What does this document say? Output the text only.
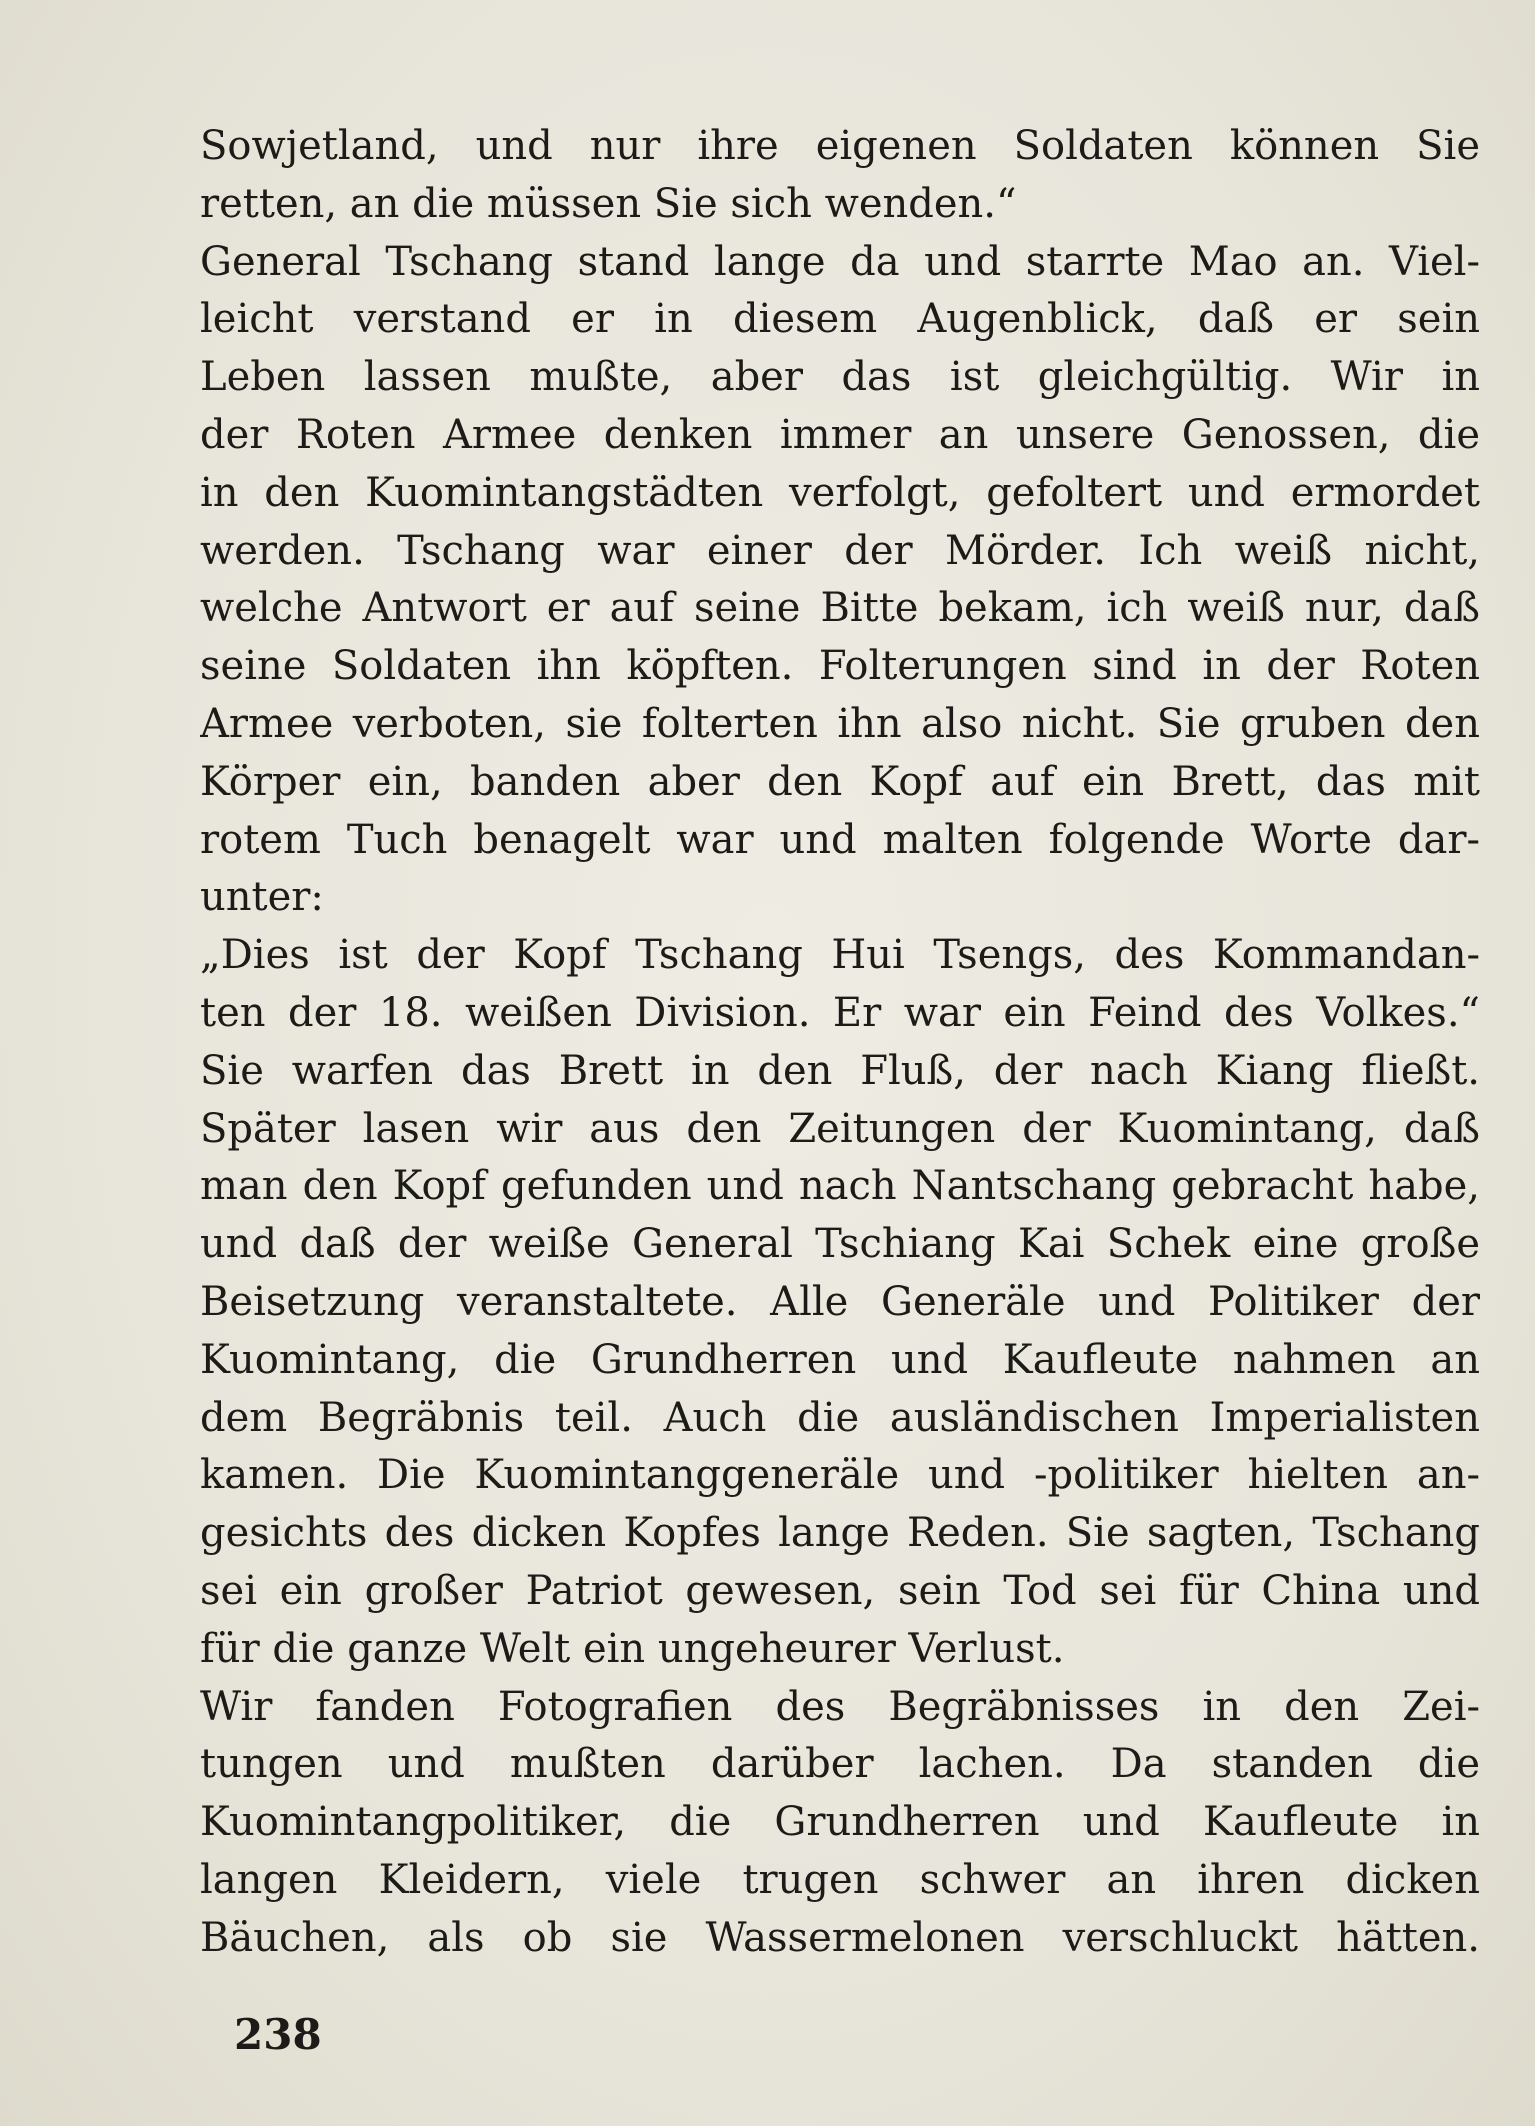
Sowjetland, und nur ihre eigenen Soldaten können Sie
retten, an die müssen Sie sich wenden.“
General Tschang stand lange da und starrte Mao an. Viel-
leicht verstand er in diesem Augenblick, daß er sein
Leben lassen mußte, aber das ist gleichgültig. Wir in
der Roten Armee denken immer an unsere Genossen, die
in den Kuomintangstädten verfolgt, gefoltert und ermordet
werden. Tschang war einer der Mörder. Ich weiß nicht,
welche Antwort er auf seine Bitte bekam, ich weiß nur, daß
seine Soldaten ihn köpften. Folterungen sind in der Roten
Armee verboten, sie folterten ihn also nicht. Sie gruben den
Körper ein, banden aber den Kopf auf ein Brett, das mit
rotem Tuch benagelt war und malten folgende Worte dar-
unter:
„Dies ist der Kopf Tschang Hui Tsengs, des Kommandan-
ten der 18. weißen Division. Er war ein Feind des Volkes.“
Sie warfen das Brett in den Fluß, der nach Kiang fließt.
Später lasen wir aus den Zeitungen der Kuomintang, daß
man den Kopf gefunden und nach Nantschang gebracht habe,
und daß der weiße General Tschiang Kai Schek eine große
Beisetzung veranstaltete. Alle Generäle und Politiker der
Kuomintang, die Grundherren und Kaufleute nahmen an
dem Begräbnis teil. Auch die ausländischen Imperialisten
kamen. Die Kuomintanggeneräle und -politiker hielten an-
gesichts des dicken Kopfes lange Reden. Sie sagten, Tschang
sei ein großer Patriot gewesen, sein Tod sei für China und
für die ganze Welt ein ungeheurer Verlust.
Wir fanden Fotografien des Begräbnisses in den Zei-
tungen und mußten darüber lachen. Da standen die
Kuomintangpolitiker, die Grundherren und Kaufleute in
langen Kleidern, viele trugen schwer an ihren dicken
Bäuchen, als ob sie Wassermelonen verschluckt hätten.
238
